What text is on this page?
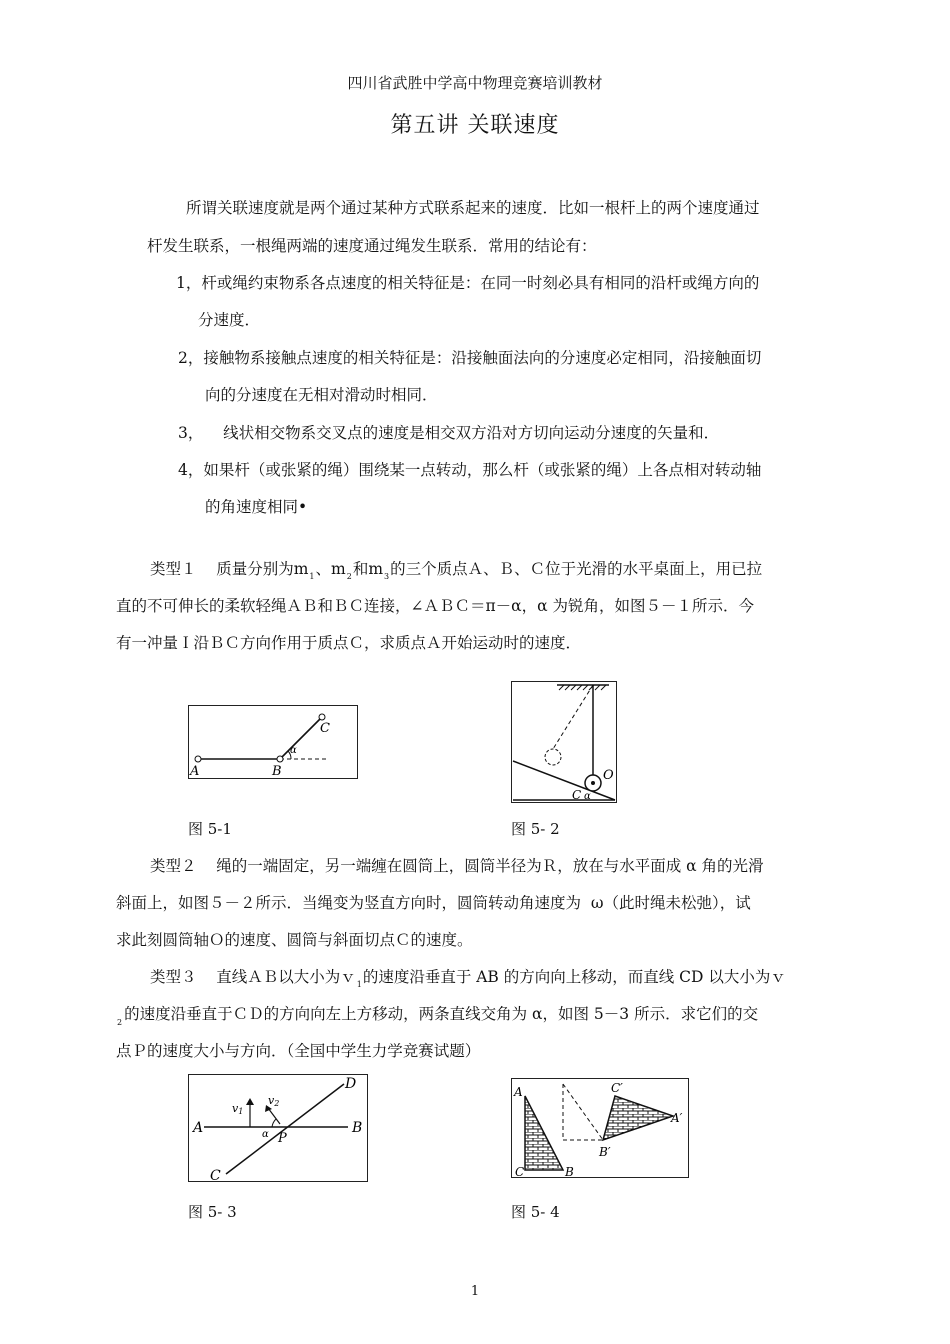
四川省武胜中学高中物理竞赛培训教材
第五讲 关联速度
所谓关联速度就是两个通过某种方式联系起来的速度．比如一根杆上的两个速度通过
杆发生联系，一根绳两端的速度通过绳发生联系．常用的结论有：
1，杆或绳约束物系各点速度的相关特征是：在同一时刻必具有相同的沿杆或绳方向的
分速度．
2，接触物系接触点速度的相关特征是：沿接触面法向的分速度必定相同，沿接触面切
向的分速度在无相对滑动时相同．
3，    线状相交物系交叉点的速度是相交双方沿对方切向运动分速度的矢量和．
4，如果杆（或张紧的绳）围绕某一点转动，那么杆（或张紧的绳）上各点相对转动轴
的角速度相同•
类型１    质量分别为$m_1$、$m_2$和$m_3$的三个质点Ａ、Ｂ、Ｃ位于光滑的水平桌面上，用已拉
直的不可伸长的柔软轻绳ＡＢ和ＢＣ连接，∠ＡＢＣ＝π－α，α 为锐角，如图５－１所示．今
有一冲量Ｉ沿ＢＣ方向作用于质点Ｃ，求质点Ａ开始运动时的速度．
α
A	B
C
O
C α
图 5-1	图 5- 2
类型２    绳的一端固定，另一端缠在圆筒上，圆筒半径为Ｒ，放在与水平面成 α 角的光滑
斜面上，如图５－２所示．当绳变为竖直方向时，圆筒转动角速度为  ω（此时绳未松弛），试
求此刻圆筒轴Ｏ的速度、圆筒与斜面切点Ｃ的速度。
类型３    直线ＡＢ以大小为ｖ$_1$的速度沿垂直于 AB 的方向向上移动，而直线 CD 以大小为ｖ
$_2$ 的速度沿垂直于ＣＤ的方向向左上方移动，两条直线交角为 α，如图 5－3 所示．求它们的交
点Ｐ的速度大小与方向．（全国中学生力学竞赛试题）
v1
v2
A	B
C
D
P
α
A
C	B
B′
C′
A′
图 5- 3	图 5- 4
1
